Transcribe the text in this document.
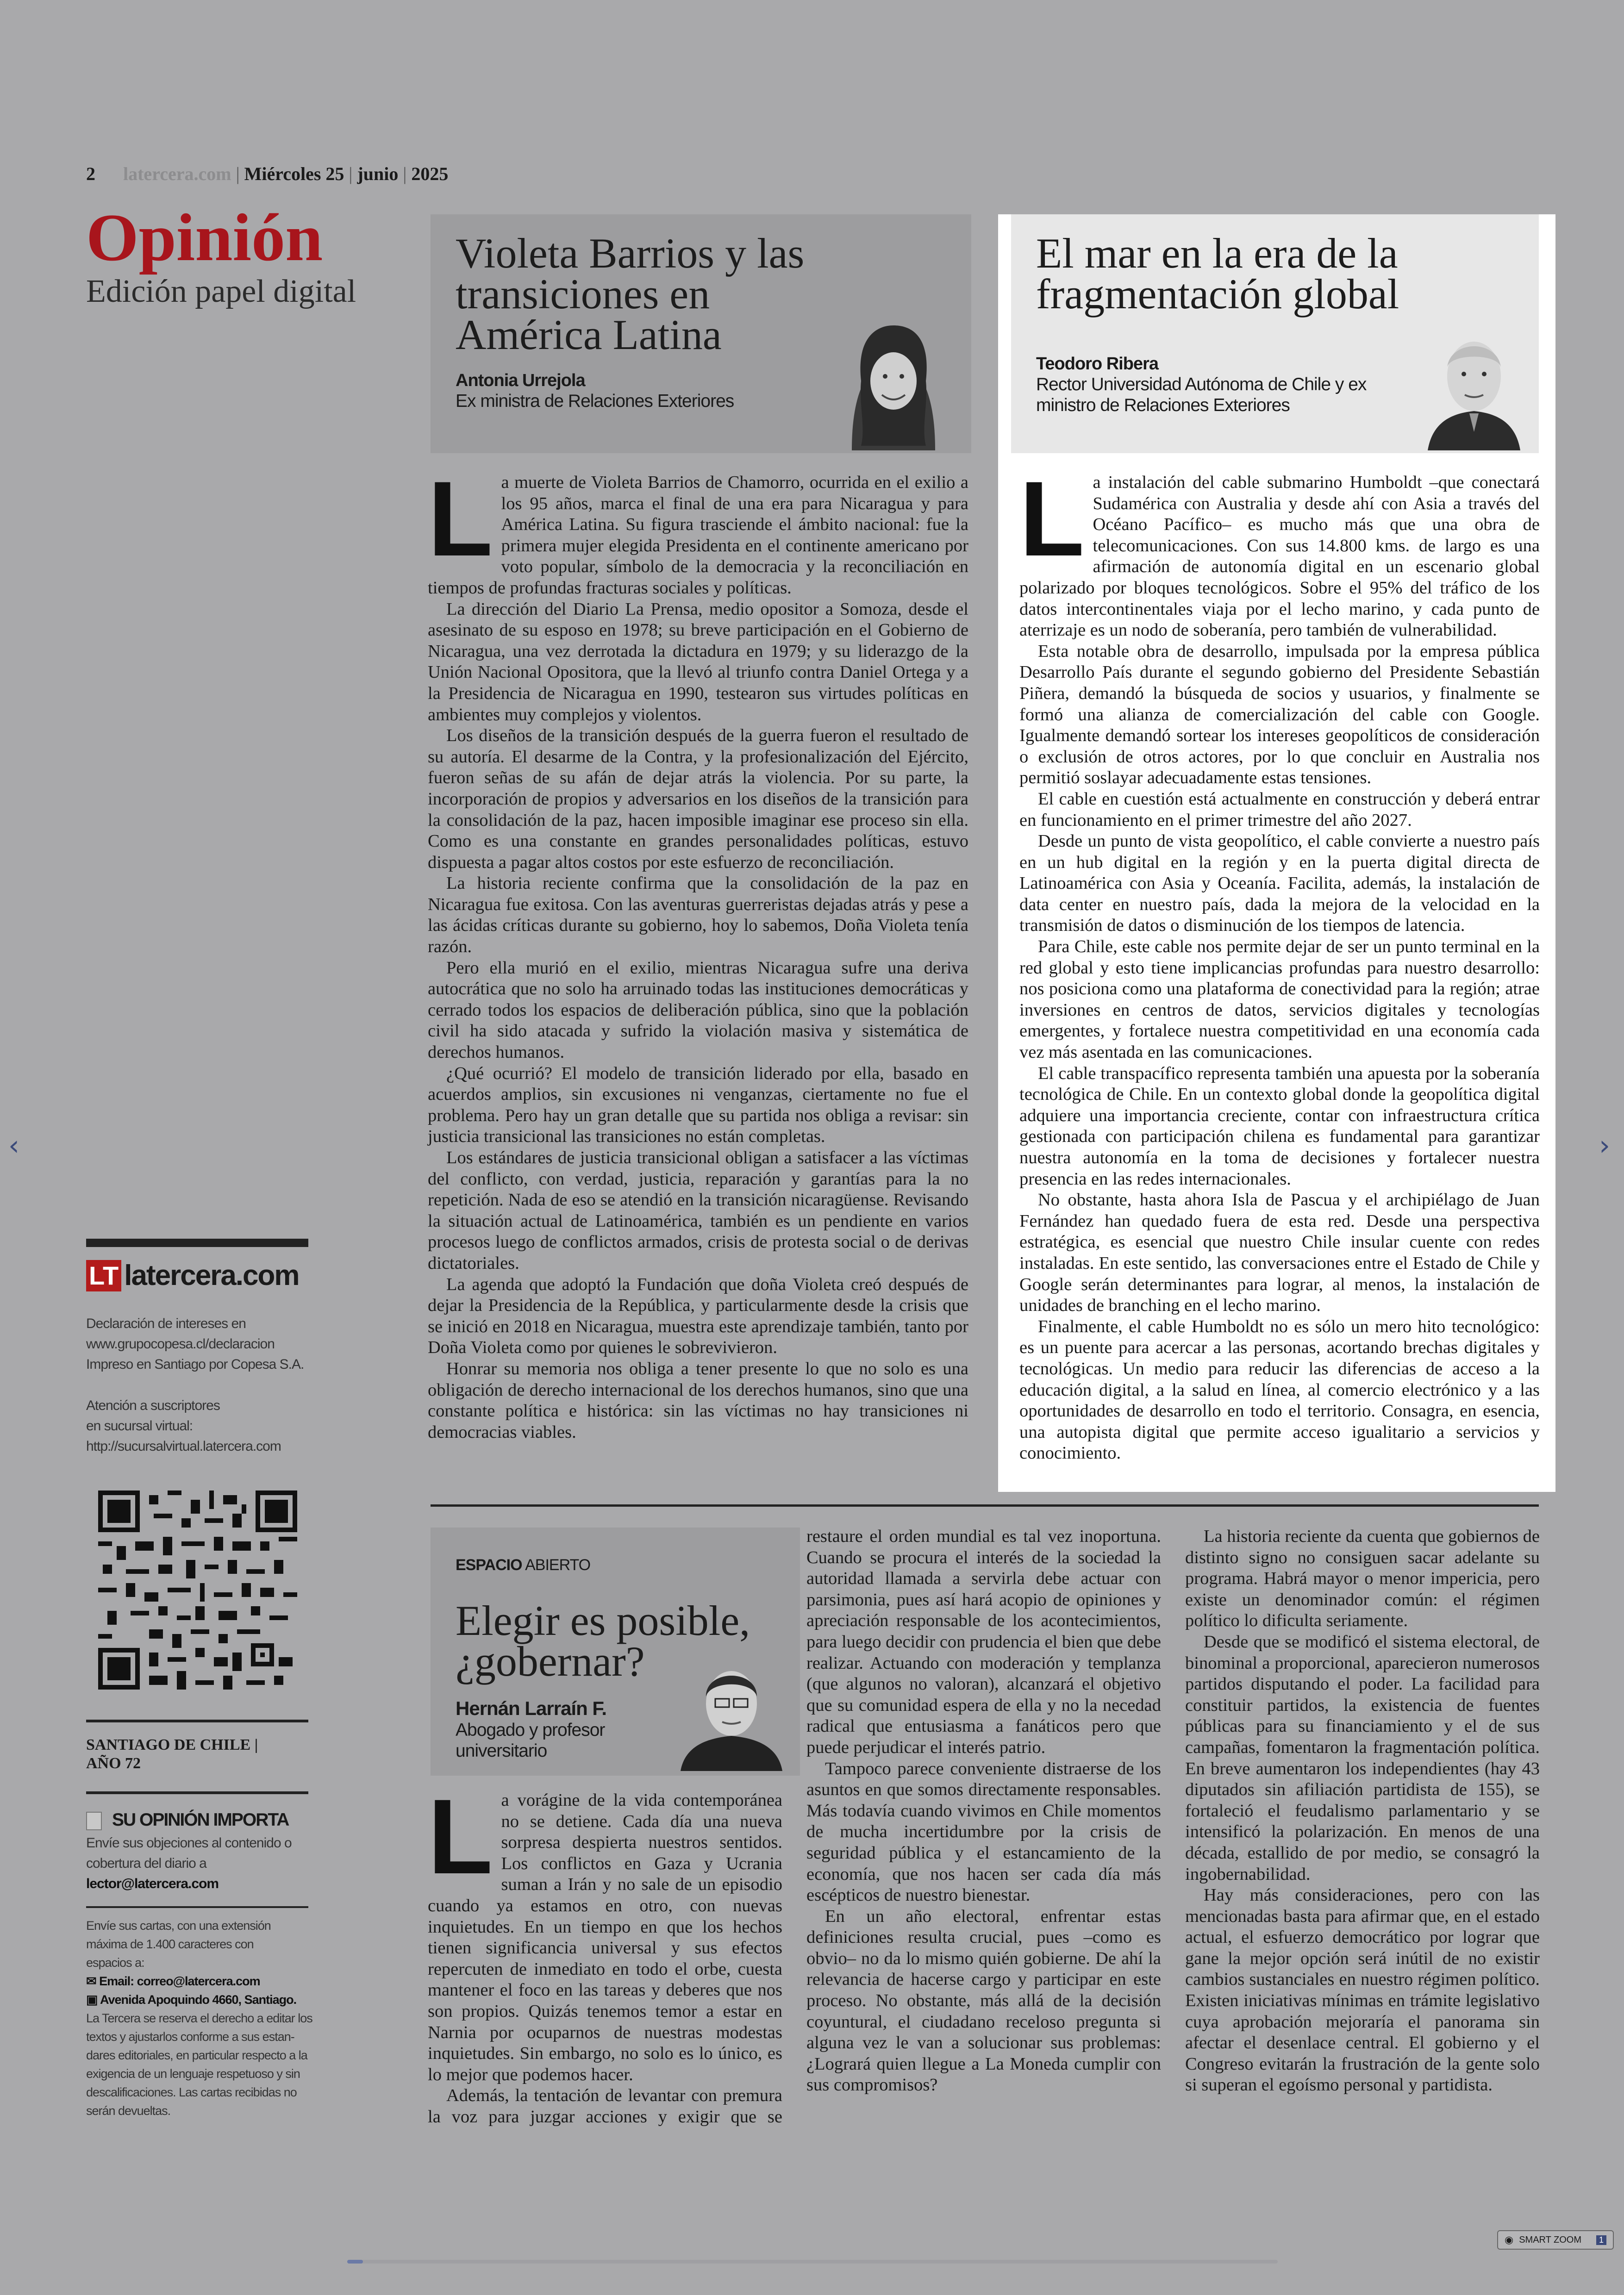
2 latercera.com | Miércoles 25 | junio | 2025
Opinión
Edición papel digital
Violeta Barrios y las transiciones en América Latina
Antonia Urrejola
Ex ministra de Relaciones Exteriores
El mar en la era de la fragmentación global
Teodoro Ribera
Rector Universidad Autónoma de Chile y ex ministro de Relaciones Exteriores
L a muerte de Violeta Barrios de Chamorro, ocurrida en el exilio a los 95 años, marca el final de una era para Nicaragua y para América Latina. Su figura trasciende el ámbito nacional: fue la primera mujer elegida Presidenta en el continente americano por voto popular, símbolo de la democracia y la reconciliación en tiempos de profundas fracturas sociales y políticas.

La dirección del Diario La Prensa, medio opositor a Somoza, desde el asesinato de su esposo en 1978; su breve participación en el Gobierno de Nicaragua, una vez derrotada la dictadura en 1979; y su liderazgo de la Unión Nacional Opositora, que la llevó al triunfo contra Daniel Ortega y a la Presidencia de Nicaragua en 1990, testearon sus virtudes políticas en ambientes muy complejos y violentos.

Los diseños de la transición después de la guerra fueron el resultado de su autoría. El desarme de la Contra, y la profesionalización del Ejército, fueron señas de su afán de dejar atrás la violencia. Por su parte, la incorporación de propios y adversarios en los diseños de la transición para la consolidación de la paz, hacen imposible imaginar ese proceso sin ella. Como es una constante en grandes personalidades políticas, estuvo dispuesta a pagar altos costos por este esfuerzo de reconciliación.

La historia reciente confirma que la consolidación de la paz en Nicaragua fue exitosa. Con las aventuras guerreristas dejadas atrás y pese a las ácidas críticas durante su gobierno, hoy lo sabemos, Doña Violeta tenía razón.

Pero ella murió en el exilio, mientras Nicaragua sufre una deriva autocrática que no solo ha arruinado todas las instituciones democráticas y cerrado todos los espacios de deliberación pública, sino que la población civil ha sido atacada y sufrido la violación masiva y sistemática de derechos humanos.

¿Qué ocurrió? El modelo de transición liderado por ella, basado en acuerdos amplios, sin excusiones ni venganzas, ciertamente no fue el problema. Pero hay un gran detalle que su partida nos obliga a revisar: sin justicia transicional las transiciones no están completas.

Los estándares de justicia transicional obligan a satisfacer a las víctimas del conflicto, con verdad, justicia, reparación y garantías para la no repetición. Nada de eso se atendió en la transición nicaragüense. Revisando la situación actual de Latinoamérica, también es un pendiente en varios procesos luego de conflictos armados, crisis de protesta social o de derivas dictatoriales.

La agenda que adoptó la Fundación que doña Violeta creó después de dejar la Presidencia de la República, y particularmente desde la crisis que se inició en 2018 en Nicaragua, muestra este aprendizaje también, tanto por Doña Violeta como por quienes le sobrevivieron.

Honrar su memoria nos obliga a tener presente lo que no solo es una obligación de derecho internacional de los derechos humanos, sino que una constante política e histórica: sin las víctimas no hay transiciones ni democracias viables.

L a instalación del cable submarino Humboldt –que conectará Sudamérica con Australia y desde ahí con Asia a través del Océano Pacífico– es mucho más que una obra de telecomunicaciones. Con sus 14.800 kms. de largo es una afirmación de autonomía digital en un escenario global polarizado por bloques tecnológicos. Sobre el 95% del tráfico de los datos intercontinentales viaja por el lecho marino, y cada punto de aterrizaje es un nodo de soberanía, pero también de vulnerabilidad.

Esta notable obra de desarrollo, impulsada por la empresa pública Desarrollo País durante el segundo gobierno del Presidente Sebastián Piñera, demandó la búsqueda de socios y usuarios, y finalmente se formó una alianza de comercialización del cable con Google. Igualmente demandó sortear los intereses geopolíticos de consideración o exclusión de otros actores, por lo que concluir en Australia nos permitió soslayar adecuadamente estas tensiones.

El cable en cuestión está actualmente en construcción y deberá entrar en funcionamiento en el primer trimestre del año 2027.

Desde un punto de vista geopolítico, el cable convierte a nuestro país en un hub digital en la región y en la puerta digital directa de Latinoamérica con Asia y Oceanía. Facilita, además, la instalación de data center en nuestro país, dada la mejora de la velocidad en la transmisión de datos o disminución de los tiempos de latencia.

Para Chile, este cable nos permite dejar de ser un punto terminal en la red global y esto tiene implicancias profundas para nuestro desarrollo: nos posiciona como una plataforma de conectividad para la región; atrae inversiones en centros de datos, servicios digitales y tecnologías emergentes, y fortalece nuestra competitividad en una economía cada vez más asentada en las comunicaciones.

El cable transpacífico representa también una apuesta por la soberanía tecnológica de Chile. En un contexto global donde la geopolítica digital adquiere una importancia creciente, contar con infraestructura crítica gestionada con participación chilena es fundamental para garantizar nuestra autonomía en la toma de decisiones y fortalecer nuestra presencia en las redes internacionales.

No obstante, hasta ahora Isla de Pascua y el archipiélago de Juan Fernández han quedado fuera de esta red. Desde una perspectiva estratégica, es esencial que nuestro Chile insular cuente con redes instaladas. En este sentido, las conversaciones entre el Estado de Chile y Google serán determinantes para lograr, al menos, la instalación de unidades de branching en el lecho marino.

Finalmente, el cable Humboldt no es sólo un mero hito tecnológico: es un puente para acercar a las personas, acortando brechas digitales y tecnológicas. Un medio para reducir las diferencias de acceso a la educación digital, a la salud en línea, al comercio electrónico y a las oportunidades de desarrollo en todo el territorio. Consagra, en esencia, una autopista digital que permite acceso igualitario a servicios y conocimiento.

ESPACIO ABIERTO
Elegir es posible, ¿gobernar?
Hernán Larraín F.
Abogado y profesor universitario
L a vorágine de la vida contemporánea no se detiene. Cada día una nueva sorpresa despierta nuestros sentidos. Los conflictos en Gaza y Ucrania suman a Irán y no sale de un episodio cuando ya estamos en otro, con nuevas inquietudes. En un tiempo en que los hechos tienen significancia universal y sus efectos repercuten de inmediato en todo el orbe, cuesta mantener el foco en las tareas y deberes que nos son propios. Quizás tenemos temor a estar en Narnia por ocuparnos de nuestras modestas inquietudes. Sin embargo, no solo es lo único, es lo mejor que podemos hacer.

Además, la tentación de levantar con premura la voz para juzgar acciones y exigir que se restaure el orden mundial es tal vez inoportuna. Cuando se procura el interés de la sociedad la autoridad llamada a servirla debe actuar con parsimonia, pues así hará acopio de opiniones y apreciación responsable de los acontecimientos, para luego decidir con prudencia el bien que debe realizar. Actuando con moderación y templanza (que algunos no valoran), alcanzará el objetivo que su comunidad espera de ella y no la necedad radical que entusiasma a fanáticos pero que puede perjudicar el interés patrio.

Tampoco parece conveniente distraerse de los asuntos en que somos directamente responsables. Más todavía cuando vivimos en Chile momentos de mucha incertidumbre por la crisis de seguridad pública y el estancamiento de la economía, que nos hacen ser cada día más escépticos de nuestro bienestar.

En un año electoral, enfrentar estas definiciones resulta crucial, pues –como es obvio– no da lo mismo quién gobierne. De ahí la relevancia de hacerse cargo y participar en este proceso. No obstante, más allá de la decisión coyuntural, el ciudadano receloso pregunta si alguna vez le van a solucionar sus problemas: ¿Logrará quien llegue a La Moneda cumplir con sus compromisos?

La historia reciente da cuenta que gobiernos de distinto signo no consiguen sacar adelante su programa. Habrá mayor o menor impericia, pero existe un denominador común: el régimen político lo dificulta seriamente.

Desde que se modificó el sistema electoral, de binominal a proporcional, aparecieron numerosos partidos disputando el poder. La facilidad para constituir partidos, la existencia de fuentes públicas para su financiamiento y el de sus campañas, fomentaron la fragmentación política. En breve aumentaron los independientes (hay 43 diputados sin afiliación partidista de 155), se fortaleció el feudalismo parlamentario y se intensificó la polarización. En menos de una década, estallido de por medio, se consagró la ingobernabilidad.

Hay más consideraciones, pero con las mencionadas basta para afirmar que, en el estado actual, el esfuerzo democrático por lograr que gane la mejor opción será inútil de no existir cambios sustanciales en nuestro régimen político. Existen iniciativas mínimas en trámite legislativo cuya aprobación mejoraría el panorama sin afectar el desenlace central. El gobierno y el Congreso evitarán la frustración de la gente solo si superan el egoísmo personal y partidista.

LT latercera.com
Declaración de intereses en
www.grupocopesa.cl/declaracion
Impreso en Santiago por Copesa S.A.
Atención a suscriptores
en sucursal virtual:
http://sucursalvirtual.latercera.com
SANTIAGO DE CHILE |
AÑO 72
SU OPINIÓN IMPORTA
Envíe sus objeciones al contenido o
cobertura del diario a
lector@latercera.com
Envíe sus cartas, con una extensión
máxima de 1.400 caracteres con
espacios a:
✉ Email: correo@latercera.com
▣ Avenida Apoquindo 4660, Santiago.
La Tercera se reserva el derecho a editar los
textos y ajustarlos conforme a sus estan-
dares editoriales, en particular respecto a la
exigencia de un lenguaje respetuoso y sin
descalificaciones. Las cartas recibidas no
serán devueltas.
‹	›
◉ SMART ZOOM	1
